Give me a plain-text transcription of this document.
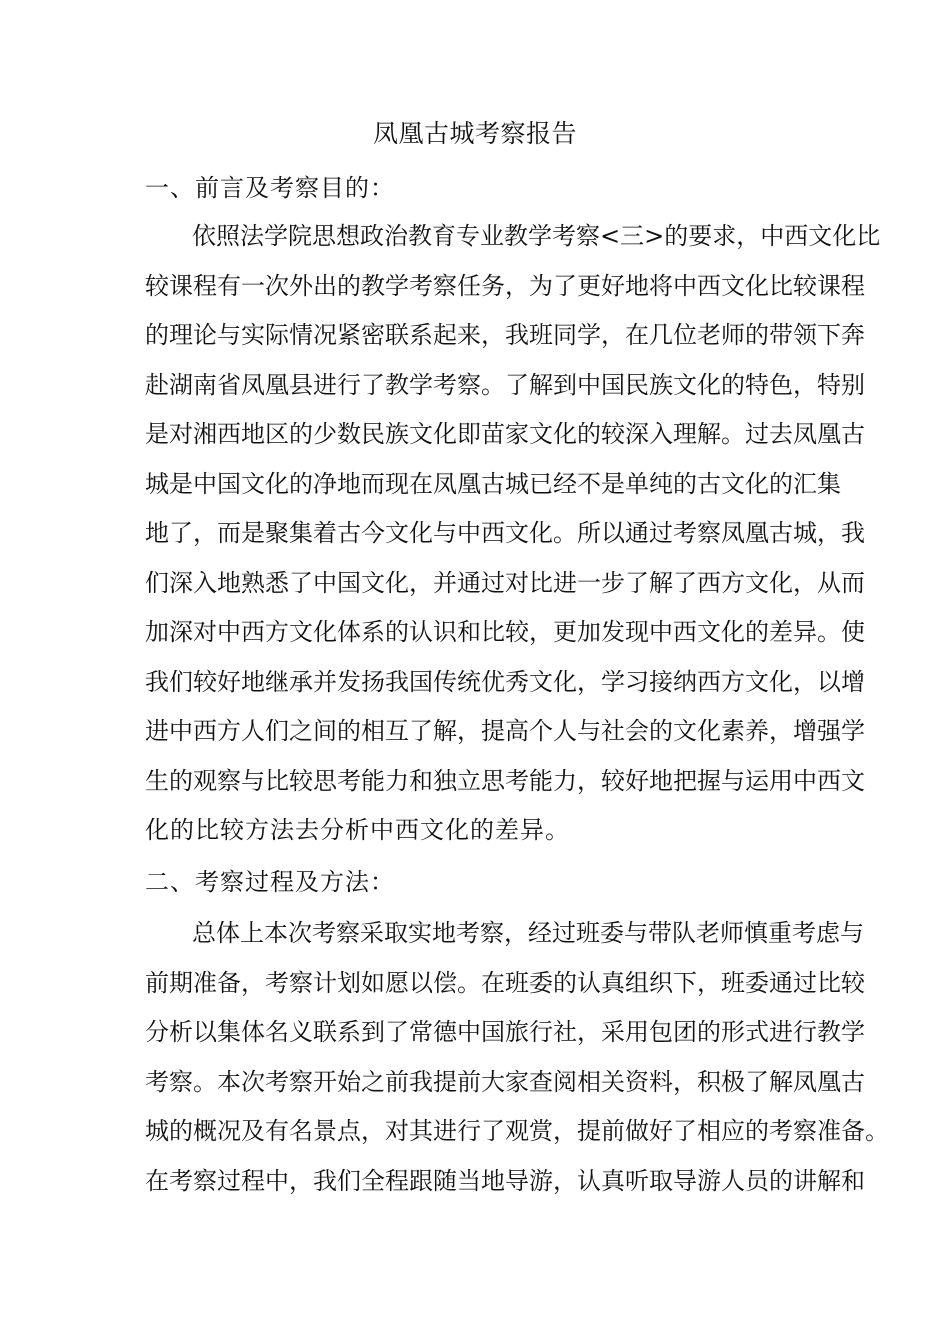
凤凰古城考察报告
一、前言及考察目的：
依照法学院思想政治教育专业教学考察<三>的要求，中西文化比
较课程有一次外出的教学考察任务，为了更好地将中西文化比较课程
的理论与实际情况紧密联系起来，我班同学，在几位老师的带领下奔
赴湖南省凤凰县进行了教学考察。了解到中国民族文化的特色，特别
是对湘西地区的少数民族文化即苗家文化的较深入理解。过去凤凰古
城是中国文化的净地而现在凤凰古城已经不是单纯的古文化的汇集
地了，而是聚集着古今文化与中西文化。所以通过考察凤凰古城，我
们深入地熟悉了中国文化，并通过对比进一步了解了西方文化，从而
加深对中西方文化体系的认识和比较，更加发现中西文化的差异。使
我们较好地继承并发扬我国传统优秀文化，学习接纳西方文化，以增
进中西方人们之间的相互了解，提高个人与社会的文化素养，增强学
生的观察与比较思考能力和独立思考能力，较好地把握与运用中西文
化的比较方法去分析中西文化的差异。
二、考察过程及方法：
总体上本次考察采取实地考察，经过班委与带队老师慎重考虑与
前期准备，考察计划如愿以偿。在班委的认真组织下，班委通过比较
分析以集体名义联系到了常德中国旅行社，采用包团的形式进行教学
考察。本次考察开始之前我提前大家查阅相关资料，积极了解凤凰古
城的概况及有名景点，对其进行了观赏，提前做好了相应的考察准备。
在考察过程中，我们全程跟随当地导游，认真听取导游人员的讲解和
